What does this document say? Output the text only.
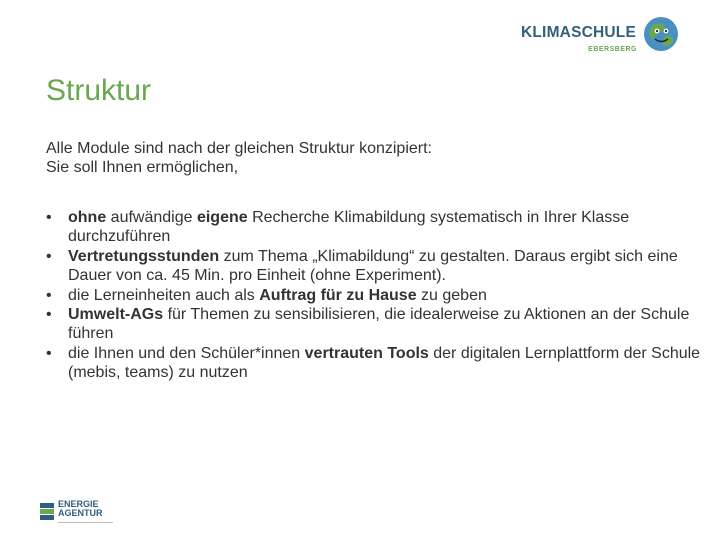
KLIMASCHULE
EBERSBERG
Struktur
Alle Module sind nach der gleichen Struktur konzipiert:
Sie soll Ihnen ermöglichen,
• ohne aufwändige eigene Recherche Klimabildung systematisch in Ihrer Klasse durchzuführen
• Vertretungsstunden zum Thema „Klimabildung“ zu gestalten. Daraus ergibt sich eine Dauer von ca. 45 Min. pro Einheit (ohne Experiment).
• die Lerneinheiten auch als Auftrag für zu Hause zu geben
• Umwelt-AGs für Themen zu sensibilisieren, die idealerweise zu Aktionen an der Schule führen
• die Ihnen und den Schüler*innen vertrauten Tools der digitalen Lernplattform der Schule (mebis, teams) zu nutzen
ENERGIE
AGENTUR
